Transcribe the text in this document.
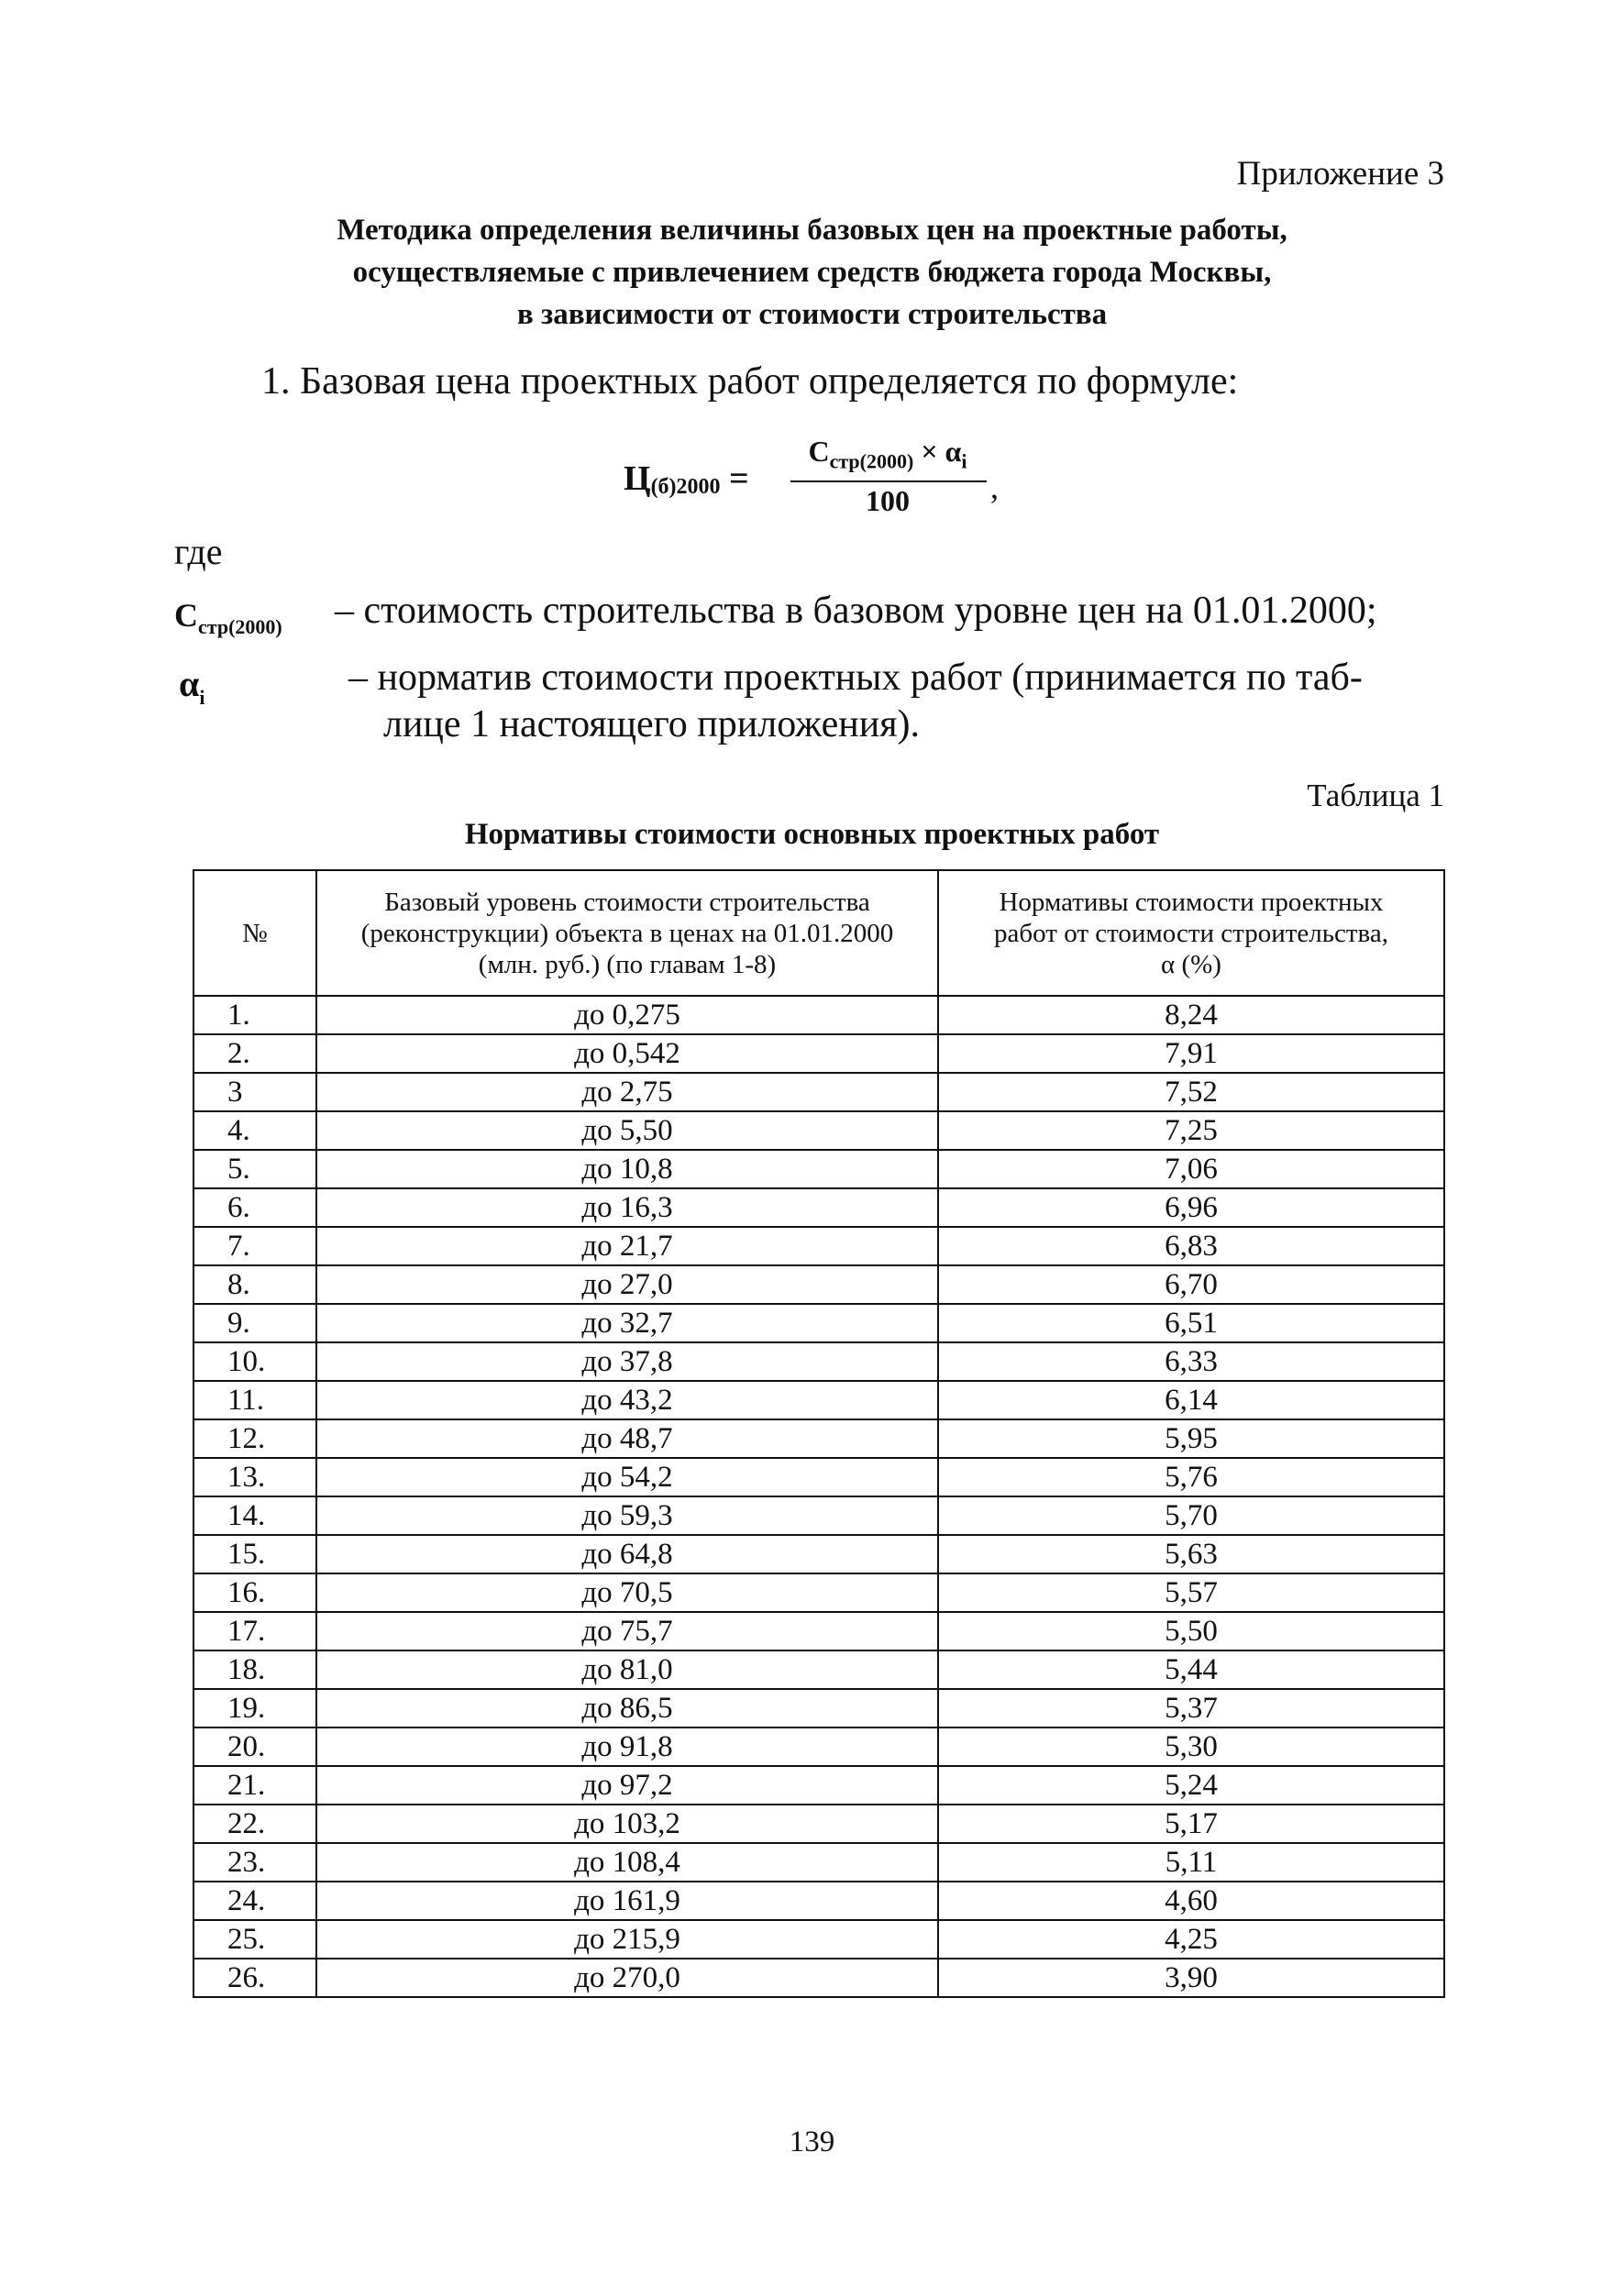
Приложение 3
Методика определения величины базовых цен на проектные работы,
осуществляемые с привлечением средств бюджета города Москвы,
в зависимости от стоимости строительства
1. Базовая цена проектных работ определяется по формуле:
$Ц_{(б)2000}$ =
$С_{стр(2000)} \times \alpha_i$
100	,
где
$С_{стр(2000)}$ – стоимость строительства в базовом уровне цен на 01.01.2000;
$\alpha_i$	– норматив стоимости проектных работ (принимается по таб-
лице 1 настоящего приложения).
Таблица 1
Нормативы стоимости основных проектных работ
№	Базовый уровень стоимости строительства (реконструкции) объекта в ценах на 01.01.2000 (млн. руб.) (по главам 1-8)	Нормативы стоимости проектных работ от стоимости строительства, α (%)
1.	до 0,275	8,24
2.	до 0,542	7,91
3	до 2,75	7,52
4.	до 5,50	7,25
5.	до 10,8	7,06
6.	до 16,3	6,96
7.	до 21,7	6,83
8.	до 27,0	6,70
9.	до 32,7	6,51
10.	до 37,8	6,33
11.	до 43,2	6,14
12.	до 48,7	5,95
13.	до 54,2	5,76
14.	до 59,3	5,70
15.	до 64,8	5,63
16.	до 70,5	5,57
17.	до 75,7	5,50
18.	до 81,0	5,44
19.	до 86,5	5,37
20.	до 91,8	5,30
21.	до 97,2	5,24
22.	до 103,2	5,17
23.	до 108,4	5,11
24.	до 161,9	4,60
25.	до 215,9	4,25
26.	до 270,0	3,90
139
